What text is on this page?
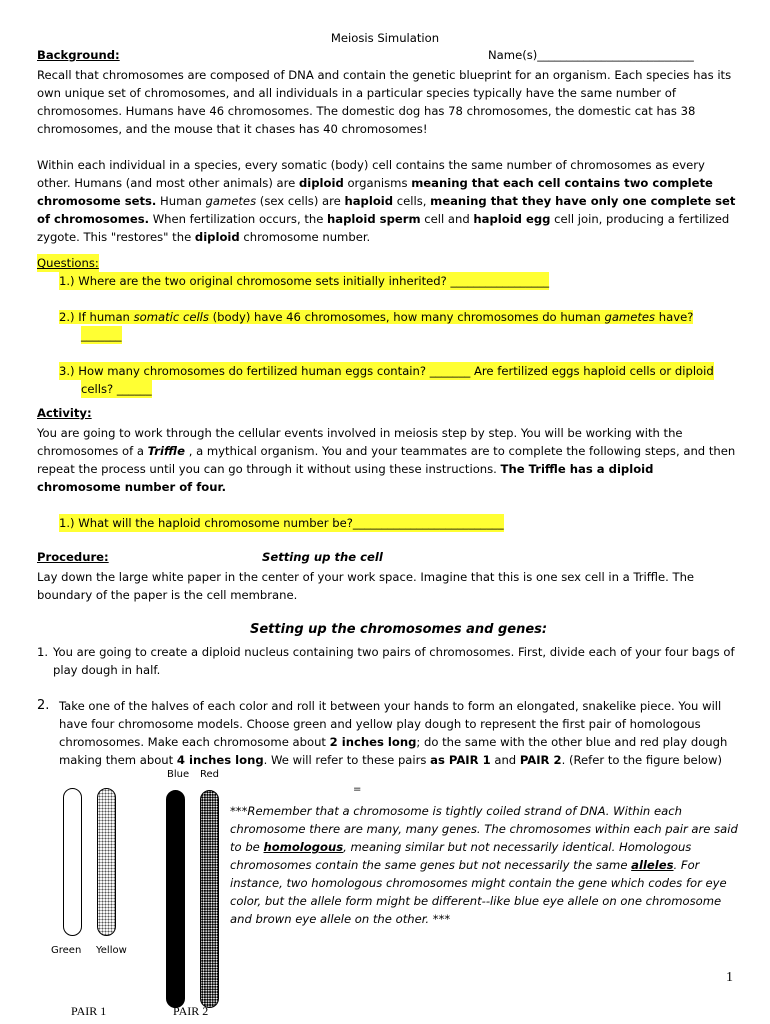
Meiosis Simulation
Background:	Name(s)___________________________
Recall that chromosomes are composed of DNA and contain the genetic blueprint for an organism. Each species has its own unique set of chromosomes, and all individuals in a particular species typically have the same number of chromosomes. Humans have 46 chromosomes. The domestic dog has 78 chromosomes, the domestic cat has 38 chromosomes, and the mouse that it chases has 40 chromosomes!
Within each individual in a species, every somatic (body) cell contains the same number of chromosomes as every other. Humans (and most other animals) are diploid organisms meaning that each cell contains two complete chromosome sets. Human gametes (sex cells) are haploid cells, meaning that they have only one complete set of chromosomes. When fertilization occurs, the haploid sperm cell and haploid egg cell join, producing a fertilized zygote. This "restores" the diploid chromosome number.
Questions:
1.) Where are the two original chromosome sets initially inherited? _________________
2.) If human somatic cells (body) have 46 chromosomes, how many chromosomes do human gametes have?
_______
3.) How many chromosomes do fertilized human eggs contain? _______ Are fertilized eggs haploid cells or diploid
cells? ______
Activity:
You are going to work through the cellular events involved in meiosis step by step. You will be working with the chromosomes of a Triffle , a mythical organism. You and your teammates are to complete the following steps, and then repeat the process until you can go through it without using these instructions. The Triffle has a diploid chromosome number of four.
1.) What will the haploid chromosome number be?__________________________
Procedure:	Setting up the cell
Lay down the large white paper in the center of your work space. Imagine that this is one sex cell in a Triffle. The boundary of the paper is the cell membrane.
Setting up the chromosomes and genes:
1. You are going to create a diploid nucleus containing two pairs of chromosomes. First, divide each of your four bags of play dough in half.
2. Take one of the halves of each color and roll it between your hands to form an elongated, snakelike piece. You will have four chromosome models. Choose green and yellow play dough to represent the first pair of homologous chromosomes. Make each chromosome about 2 inches long; do the same with the other blue and red play dough making them about 4 inches long. We will refer to these pairs as PAIR 1 and PAIR 2. (Refer to the figure below)
Blue Red
=
***Remember that a chromosome is tightly coiled strand of DNA. Within each chromosome there are many, many genes. The chromosomes within each pair are said to be homologous, meaning similar but not necessarily identical. Homologous chromosomes contain the same genes but not necessarily the same alleles. For instance, two homologous chromosomes might contain the gene which codes for eye color, but the allele form might be different--like blue eye allele on one chromosome and brown eye allele on the other. ***
Green Yellow
1
PAIR 1	PAIR 2
